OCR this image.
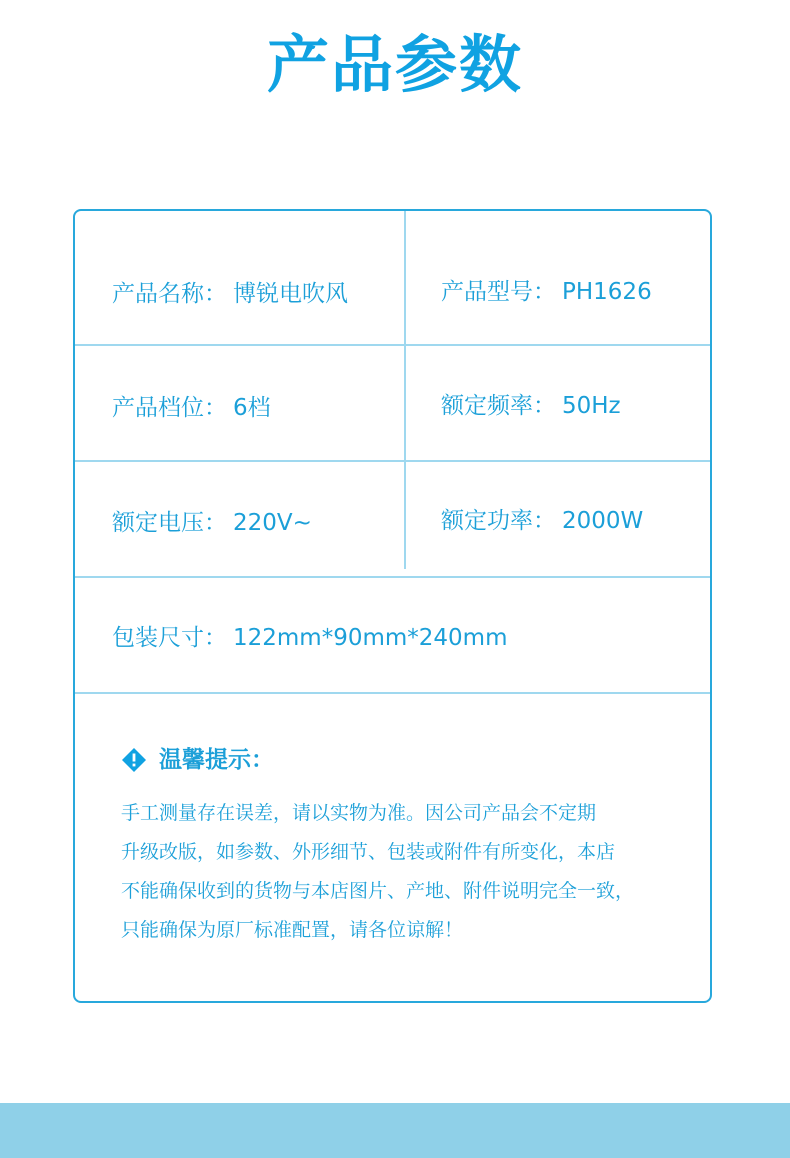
产品参数
产品名称： 博锐电吹风	产品型号： PH1626
产品档位： 6档	额定频率： 50Hz
额定电压： 220V~	额定功率： 2000W
包装尺寸： 122mm*90mm*240mm
温馨提示：
手工测量存在误差，请以实物为准。因公司产品会不定期
升级改版，如参数、外形细节、包装或附件有所变化，本店
不能确保收到的货物与本店图片、产地、附件说明完全一致，
只能确保为原厂标准配置，请各位谅解！
